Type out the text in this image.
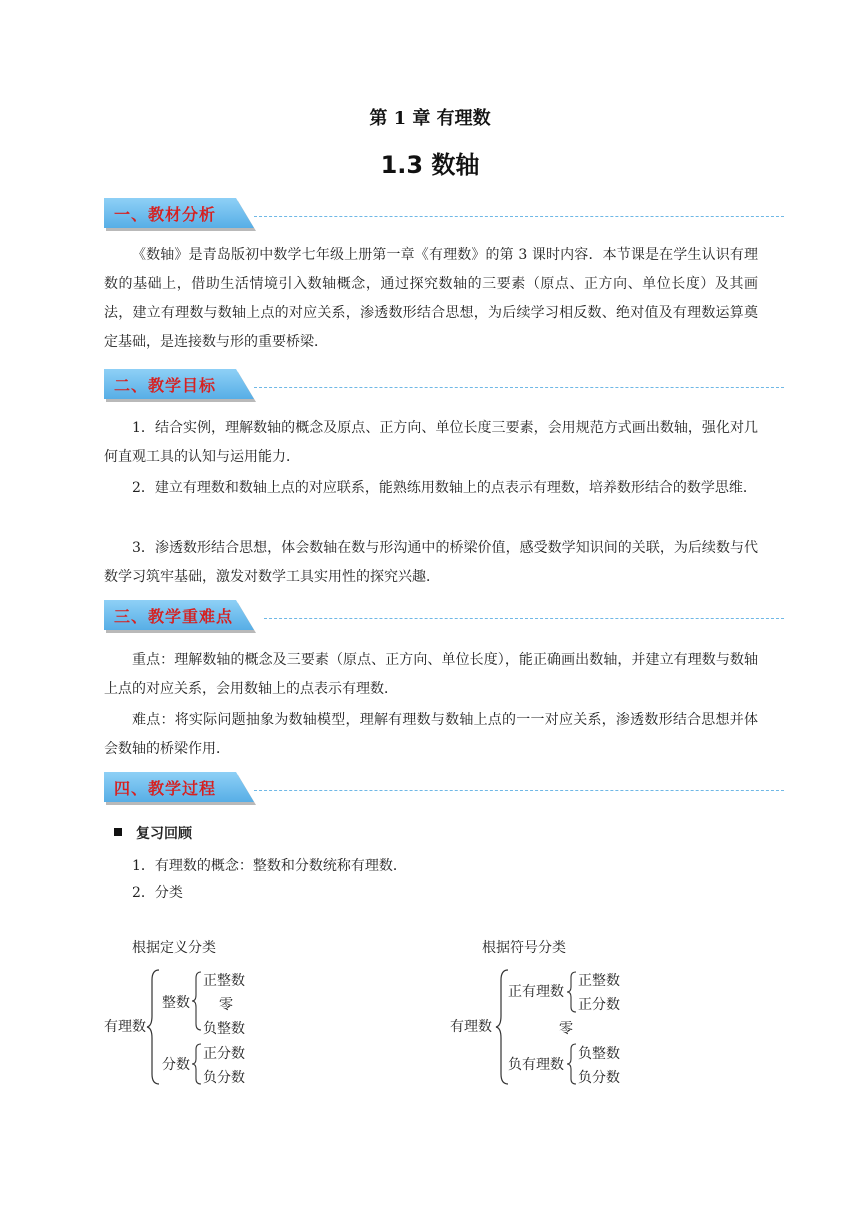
第 1 章 有理数
1.3 数轴
一、教材分析

《数轴》是青岛版初中数学七年级上册第一章《有理数》的第 3 课时内容．本节课是在学生认识有理数的基础上，借助生活情境引入数轴概念，通过探究数轴的三要素（原点、正方向、单位长度）及其画法，建立有理数与数轴上点的对应关系，渗透数形结合思想，为后续学习相反数、绝对值及有理数运算奠定基础，是连接数与形的重要桥梁．

二、教学目标

1．结合实例，理解数轴的概念及原点、正方向、单位长度三要素，会用规范方式画出数轴，强化对几何直观工具的认知与运用能力．

2．建立有理数和数轴上点的对应联系，能熟练用数轴上的点表示有理数，培养数形结合的数学思维．

3．渗透数形结合思想，体会数轴在数与形沟通中的桥梁价值，感受数学知识间的关联，为后续数与代数学习筑牢基础，激发对数学工具实用性的探究兴趣．

三、教学重难点

重点：理解数轴的概念及三要素（原点、正方向、单位长度），能正确画出数轴，并建立有理数与数轴上点的对应关系，会用数轴上的点表示有理数．

难点：将实际问题抽象为数轴模型，理解有理数与数轴上点的一一对应关系，渗透数形结合思想并体会数轴的桥梁作用．

四、教学过程
复习回顾
1．有理数的概念：整数和分数统称有理数．
2．分类
根据定义分类
有理数
整数
正整数
零
负整数
分数
正分数
负分数
根据符号分类
有理数
正有理数
正整数
正分数
零
负有理数
负整数
负分数
